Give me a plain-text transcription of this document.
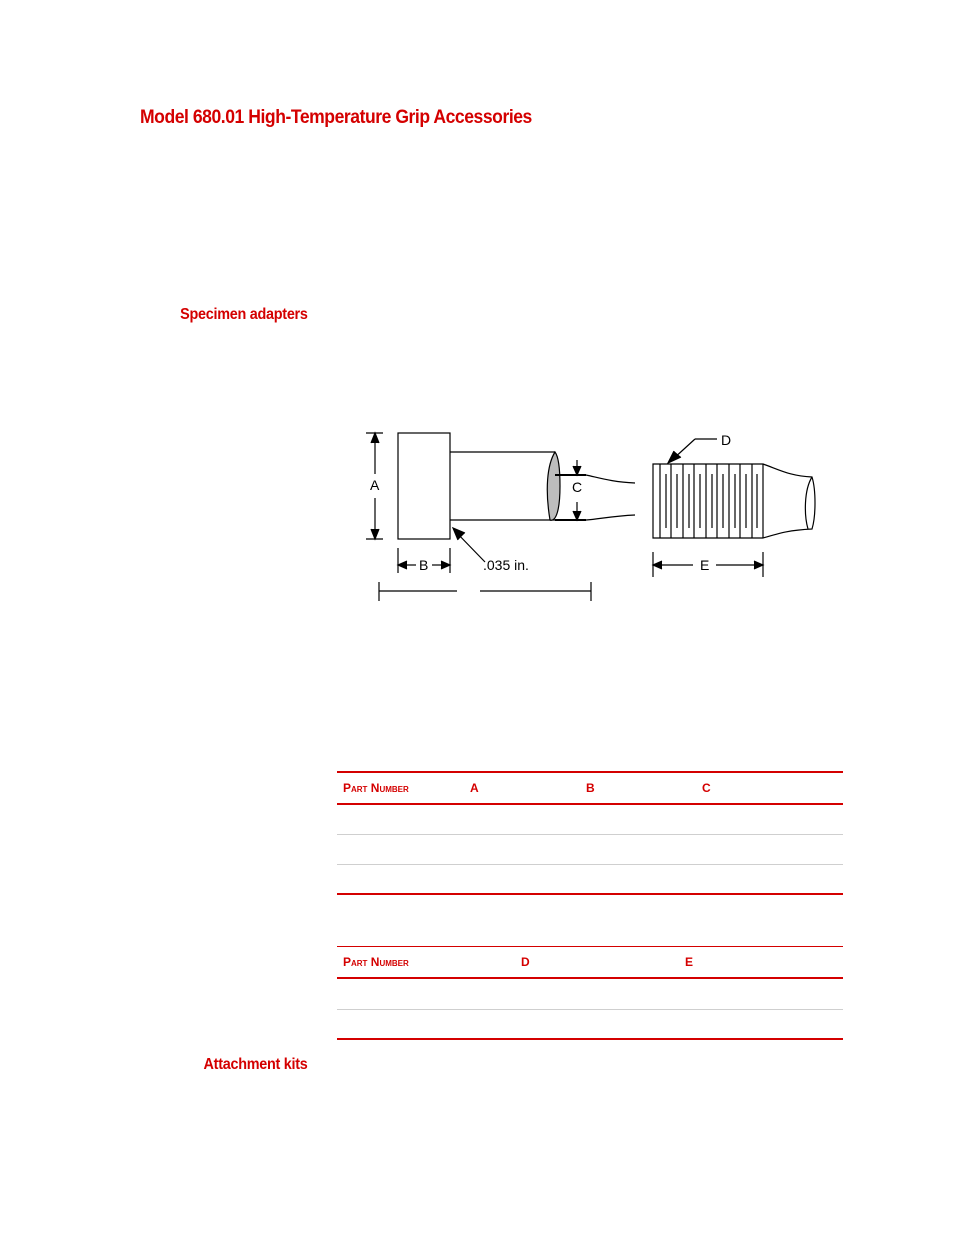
Model 680.01 High-Temperature Grip Accessories
Specimen adapters
A
B
C
D
E
.035 in.
Part Number	A	B	C
Part Number	D	E
Attachment kits
